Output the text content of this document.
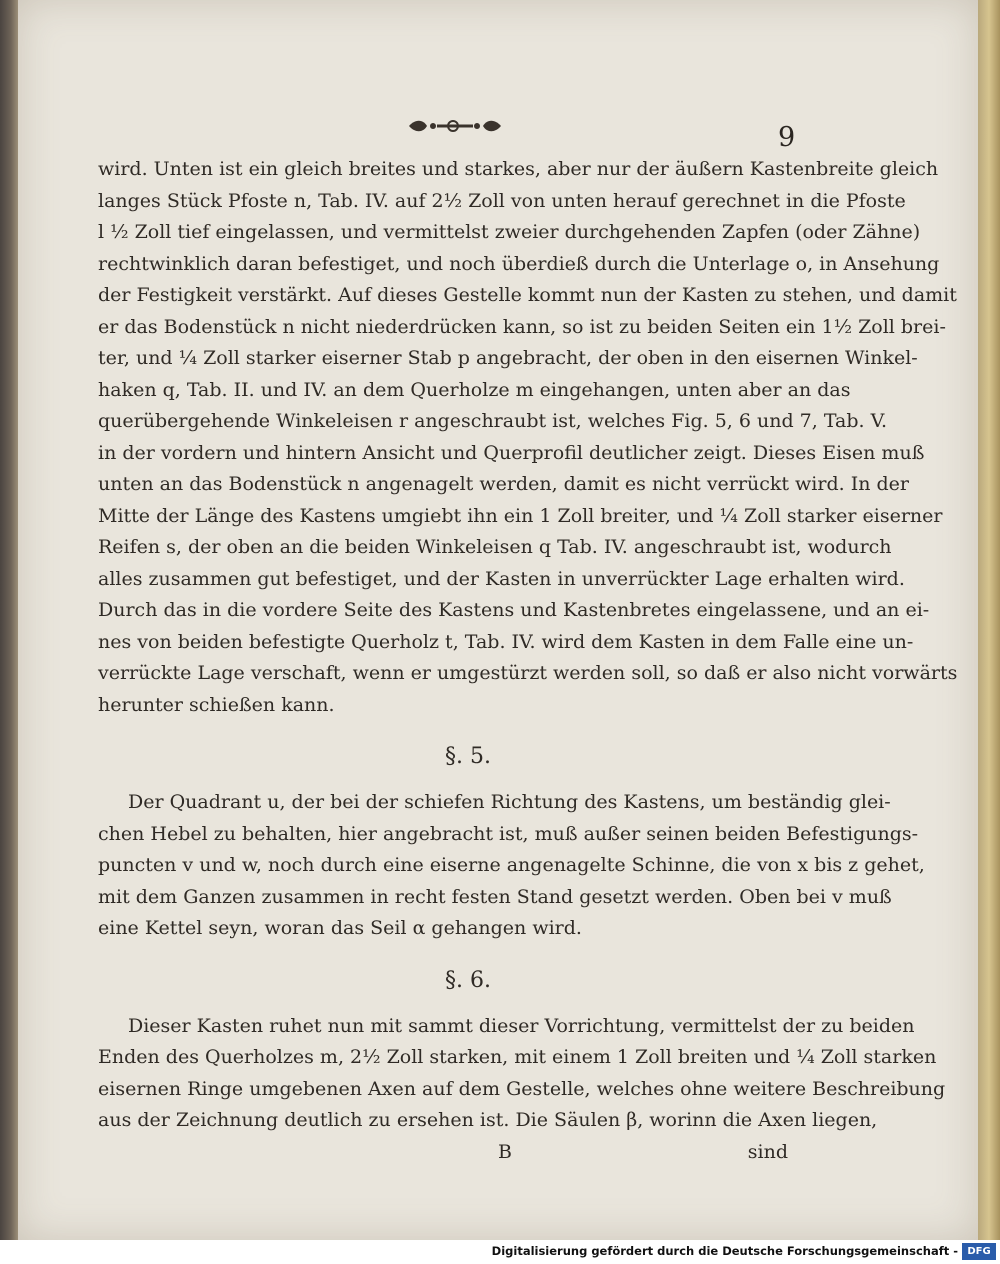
9
wird. Unten ist ein gleich breites und starkes, aber nur der äußern Kastenbreite gleich
langes Stück Pfoste n, Tab. IV. auf 2½ Zoll von unten herauf gerechnet in die Pfoste
l ½ Zoll tief eingelassen, und vermittelst zweier durchgehenden Zapfen (oder Zähne)
rechtwinklich daran befestiget, und noch überdieß durch die Unterlage o, in Ansehung
der Festigkeit verstärkt. Auf dieses Gestelle kommt nun der Kasten zu stehen, und damit
er das Bodenstück n nicht niederdrücken kann, so ist zu beiden Seiten ein 1½ Zoll brei-
ter, und ¼ Zoll starker eiserner Stab p angebracht, der oben in den eisernen Winkel-
haken q, Tab. II. und IV. an dem Querholze m eingehangen, unten aber an das
querübergehende Winkeleisen r angeschraubt ist, welches Fig. 5, 6 und 7, Tab. V.
in der vordern und hintern Ansicht und Querprofil deutlicher zeigt. Dieses Eisen muß
unten an das Bodenstück n angenagelt werden, damit es nicht verrückt wird. In der
Mitte der Länge des Kastens umgiebt ihn ein 1 Zoll breiter, und ¼ Zoll starker eiserner
Reifen s, der oben an die beiden Winkeleisen q Tab. IV. angeschraubt ist, wodurch
alles zusammen gut befestiget, und der Kasten in unverrückter Lage erhalten wird.
Durch das in die vordere Seite des Kastens und Kastenbretes eingelassene, und an ei-
nes von beiden befestigte Querholz t, Tab. IV. wird dem Kasten in dem Falle eine un-
verrückte Lage verschaft, wenn er umgestürzt werden soll, so daß er also nicht vorwärts
herunter schießen kann.
§. 5.
Der Quadrant u, der bei der schiefen Richtung des Kastens, um beständig glei-
chen Hebel zu behalten, hier angebracht ist, muß außer seinen beiden Befestigungs-
puncten v und w, noch durch eine eiserne angenagelte Schinne, die von x bis z gehet,
mit dem Ganzen zusammen in recht festen Stand gesetzt werden. Oben bei v muß
eine Kettel seyn, woran das Seil α gehangen wird.
§. 6.
Dieser Kasten ruhet nun mit sammt dieser Vorrichtung, vermittelst der zu beiden
Enden des Querholzes m, 2½ Zoll starken, mit einem 1 Zoll breiten und ¼ Zoll starken
eisernen Ringe umgebenen Axen auf dem Gestelle, welches ohne weitere Beschreibung
aus der Zeichnung deutlich zu ersehen ist. Die Säulen β, worinn die Axen liegen,
B	sind
Digitalisierung gefördert durch die Deutsche Forschungsgemeinschaft - DFG
